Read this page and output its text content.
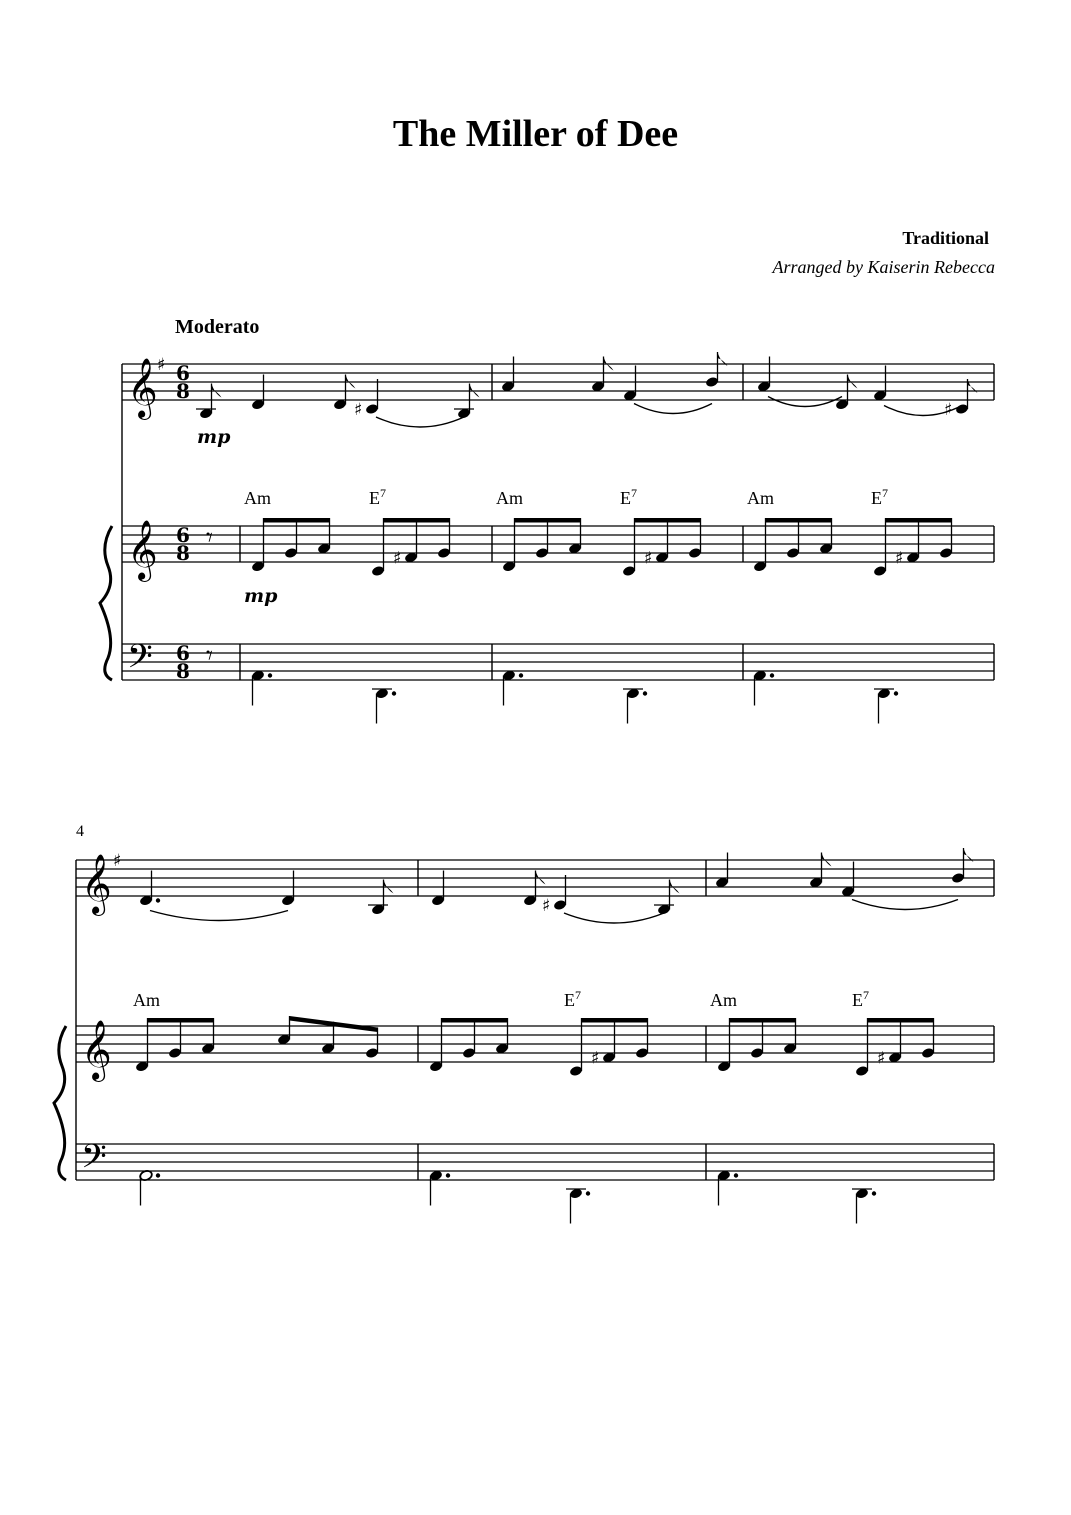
The Miller of Dee
Traditional
Arranged by Kaiserin Rebecca
Moderato
4
mp
mp
Am	$E^7$	Am	$E^7$	Am	$E^7$
Am	$E^7$	Am	$E^7$
𝄞 ♯ 6
8
𝄞 6
8
𝄢 6
8
♯	♯
𝄾
♯	♯	♯
𝄾
𝄞 ♯
𝄞
𝄢
♯
♯	♯
